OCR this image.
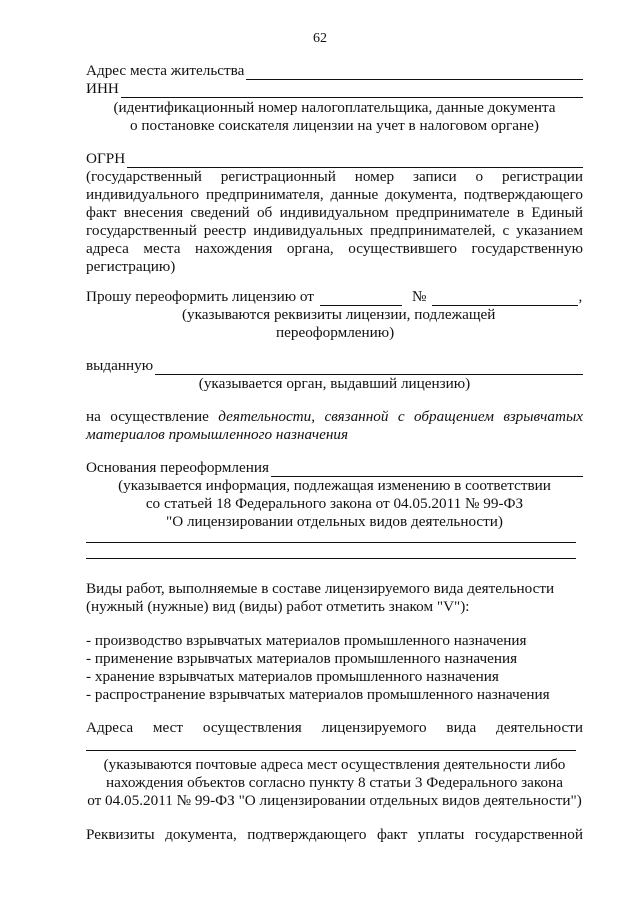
62
Адрес места жительства
ИНН
(идентификационный номер налогоплательщика, данные документа
о постановке соискателя лицензии на учет в налоговом органе)
ОГРН
(государственный регистрационный номер записи о регистрации
индивидуального предпринимателя, данные документа, подтверждающего
факт внесения сведений об индивидуальном предпринимателе в Единый
государственный реестр индивидуальных предпринимателей, с указанием
адреса места нахождения органа, осуществившего государственную
регистрацию)
Прошу переоформить лицензию от	№	,
(указываются реквизиты лицензии, подлежащей
переоформлению)
выданную
(указывается орган, выдавший лицензию)
на осуществление деятельности, связанной с обращением взрывчатых
материалов промышленного назначения
Основания переоформления
(указывается информация, подлежащая изменению в соответствии
со статьей 18 Федерального закона от 04.05.2011 № 99-ФЗ
"О лицензировании отдельных видов деятельности)
Виды работ, выполняемые в составе лицензируемого вида деятельности
(нужный (нужные) вид (виды) работ отметить знаком "V"):
- производство взрывчатых материалов промышленного назначения
- применение взрывчатых материалов промышленного назначения
- хранение взрывчатых материалов промышленного назначения
- распространение взрывчатых материалов промышленного назначения
Адреса мест осуществления лицензируемого вида деятельности
(указываются почтовые адреса мест осуществления деятельности либо
нахождения объектов согласно пункту 8 статьи 3 Федерального закона
от 04.05.2011 № 99-ФЗ "О лицензировании отдельных видов деятельности")
Реквизиты документа, подтверждающего факт уплаты государственной
